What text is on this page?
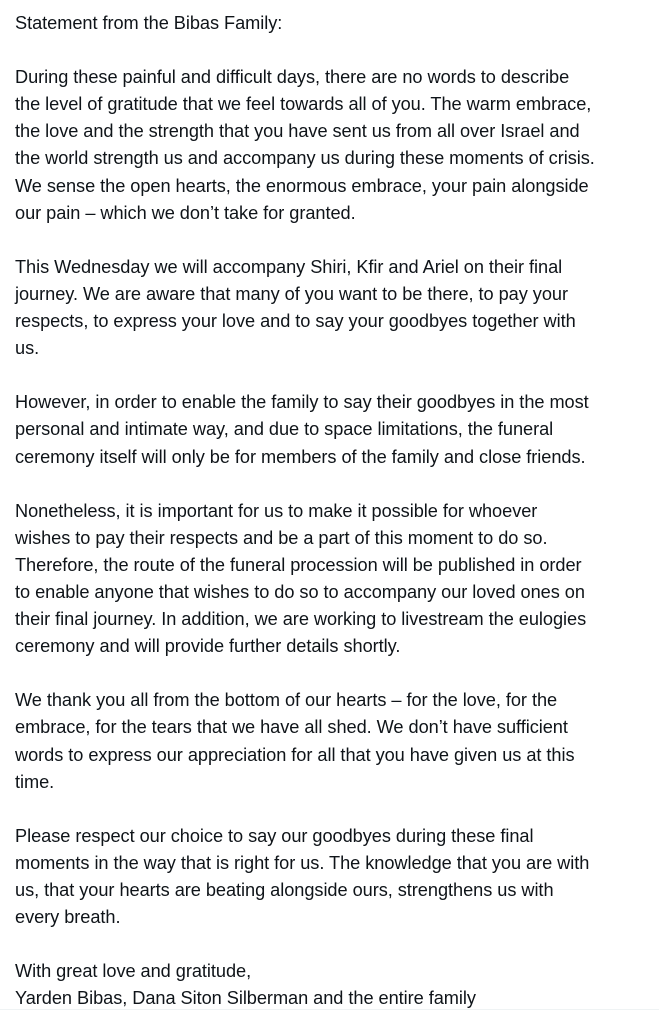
Statement from the Bibas Family:

During these painful and difficult days, there are no words to describe
the level of gratitude that we feel towards all of you. The warm embrace,
the love and the strength that you have sent us from all over Israel and
the world strength us and accompany us during these moments of crisis.
We sense the open hearts, the enormous embrace, your pain alongside
our pain – which we don’t take for granted.

This Wednesday we will accompany Shiri, Kfir and Ariel on their final
journey. We are aware that many of you want to be there, to pay your
respects, to express your love and to say your goodbyes together with
us.

However, in order to enable the family to say their goodbyes in the most
personal and intimate way, and due to space limitations, the funeral
ceremony itself will only be for members of the family and close friends.

Nonetheless, it is important for us to make it possible for whoever
wishes to pay their respects and be a part of this moment to do so.
Therefore, the route of the funeral procession will be published in order
to enable anyone that wishes to do so to accompany our loved ones on
their final journey. In addition, we are working to livestream the eulogies
ceremony and will provide further details shortly.

We thank you all from the bottom of our hearts – for the love, for the
embrace, for the tears that we have all shed. We don’t have sufficient
words to express our appreciation for all that you have given us at this
time.

Please respect our choice to say our goodbyes during these final
moments in the way that is right for us. The knowledge that you are with
us, that your hearts are beating alongside ours, strengthens us with
every breath.

With great love and gratitude,

Yarden Bibas, Dana Siton Silberman and the entire family
